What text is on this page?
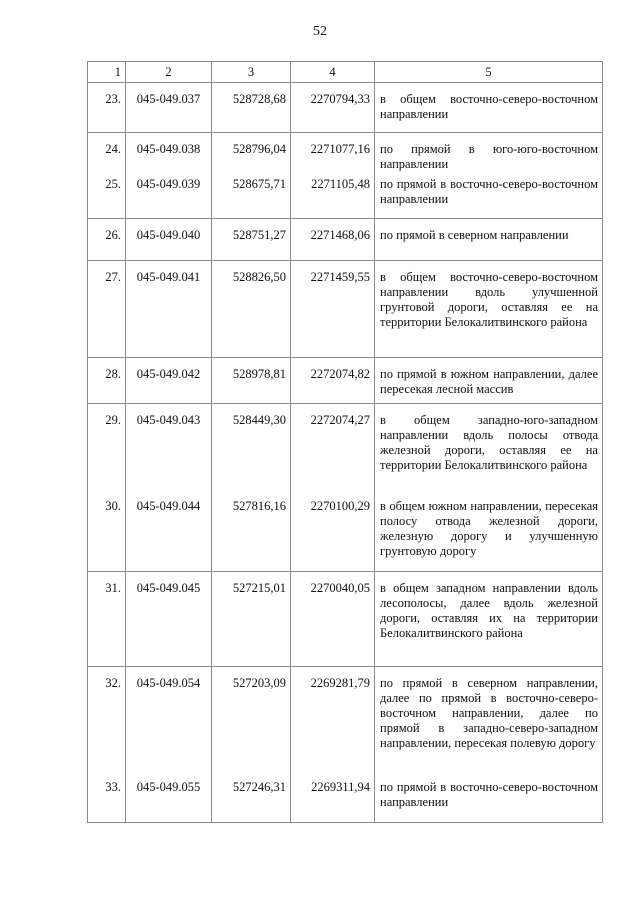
52
1	2	3	4	5

23.	045-049.037	528728,68	2270794,33	в общем восточно-северо-восточном направлении

24.	045-049.038	528796,04	2271077,16	по прямой в юго-юго-восточном направлении

25.	045-049.039	528675,71	2271105,48	по прямой в восточно-северо-восточном направлении

26.	045-049.040	528751,27	2271468,06	по прямой в северном направлении

27.	045-049.041	528826,50	2271459,55	в общем восточно-северо-восточном направлении вдоль улучшенной грунтовой дороги, оставляя ее на территории Белокалитвинского района

28.	045-049.042	528978,81	2272074,82	по прямой в южном направлении, далее пересекая лесной массив

29.	045-049.043	528449,30	2272074,27	в общем западно-юго-западном направлении вдоль полосы отвода железной дороги, оставляя ее на территории Белокалитвинского района

30.	045-049.044	527816,16	2270100,29	в общем южном направлении, пересекая полосу отвода железной дороги, железную дорогу и улучшенную грунтовую дорогу

31.	045-049.045	527215,01	2270040,05	в общем западном направлении вдоль лесополосы, далее вдоль железной дороги, оставляя их на территории Белокалитвинского района

32.	045-049.054	527203,09	2269281,79	по прямой в северном направлении, далее по прямой в восточно-северо-восточном направлении, далее по прямой в западно-северо-западном направлении, пересекая полевую дорогу

33.	045-049.055	527246,31	2269311,94	по прямой в восточно-северо-восточном направлении
